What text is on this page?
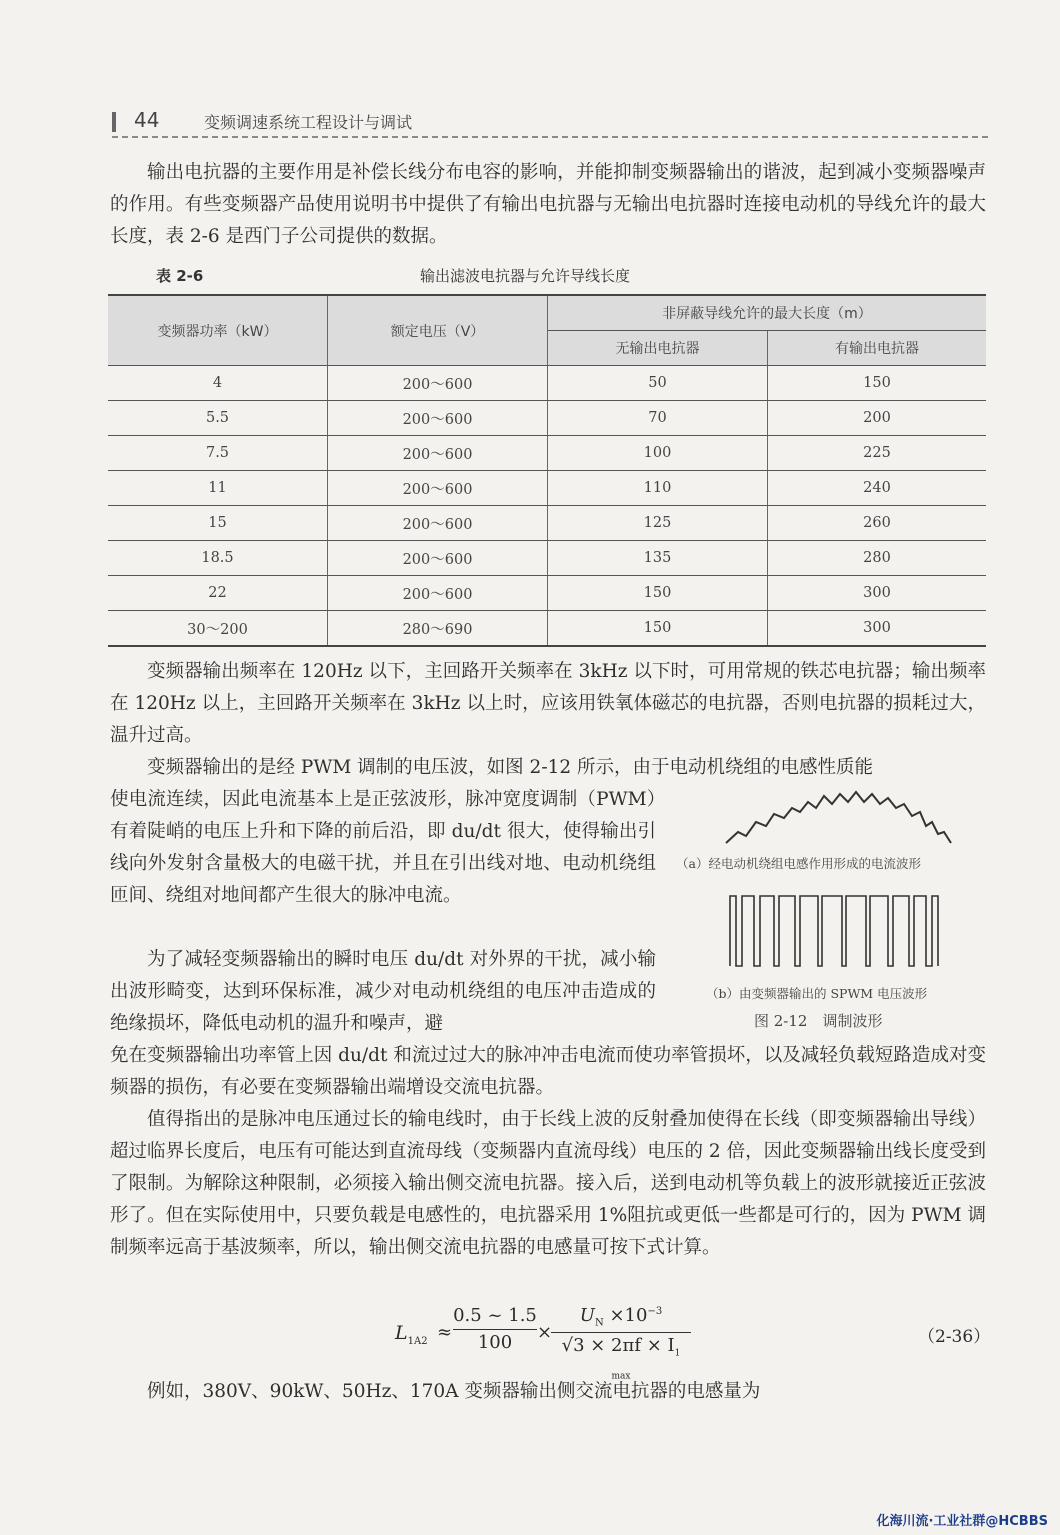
44	变频调速系统工程设计与调试

输出电抗器的主要作用是补偿长线分布电容的影响，并能抑制变频器输出的谐波，起到减小变频器噪声的作用。有些变频器产品使用说明书中提供了有输出电抗器与无输出电抗器时连接电动机的导线允许的最大长度，表 2-6 是西门子公司提供的数据。

表 2-6	输出滤波电抗器与允许导线长度
变频器功率（kW）	额定电压（V）	非屏蔽导线允许的最大长度（m）	
		无输出电抗器	有输出电抗器
4	200～600	50	150
5.5	200～600	70	200
7.5	200～600	100	225
11	200～600	110	240
15	200～600	125	260
18.5	200～600	135	280
22	200～600	150	300
30～200	280～690	150	300

变频器输出频率在 120Hz 以下，主回路开关频率在 3kHz 以下时，可用常规的铁芯电抗器；输出频率在 120Hz 以上，主回路开关频率在 3kHz 以上时，应该用铁氧体磁芯的电抗器，否则电抗器的损耗过大，温升过高。

变频器输出的是经 PWM 调制的电压波，如图 2-12 所示，由于电动机绕组的电感性质能

使电流连续，因此电流基本上是正弦波形，脉冲宽度调制（PWM）有着陡峭的电压上升和下降的前后沿，即 du/dt 很大，使得输出引线向外发射含量极大的电磁干扰，并且在引出线对地、电动机绕组匝间、绕组对地间都产生很大的脉冲电流。

为了减轻变频器输出的瞬时电压 du/dt 对外界的干扰，减小输出波形畸变，达到环保标准，减少对电动机绕组的电压冲击造成的绝缘损坏，降低电动机的温升和噪声，避

免在变频器输出功率管上因 du/dt 和流过过大的脉冲冲击电流而使功率管损坏，以及减轻负载短路造成对变频器的损伤，有必要在变频器输出端增设交流电抗器。

（a）经电动机绕组电感作用形成的电流波形
（b）由变频器输出的 SPWM 电压波形
图 2-12　调制波形

值得指出的是脉冲电压通过长的输电线时，由于长线上波的反射叠加使得在长线（即变频器输出导线）超过临界长度后，电压有可能达到直流母线（变频器内直流母线）电压的 2 倍，因此变频器输出线长度受到了限制。为解除这种限制，必须接入输出侧交流电抗器。接入后，送到电动机等负载上的波形就接近正弦波形了。但在实际使用中，只要负载是电感性的，电抗器采用 1%阻抗或更低一些都是可行的，因为 PWM 调制频率远高于基波频率，所以，输出侧交流电抗器的电感量可按下式计算。

$L_{1A2}$ ≈
0.5 ~ 1.5
100	×
$U_N \times 10^{-3}$
$√3 \times 2\pi f \times I_{1 max}$
（2-36）

例如，380V、90kW、50Hz、170A 变频器输出侧交流电抗器的电感量为

化海川流·工业社群@HCBBS
